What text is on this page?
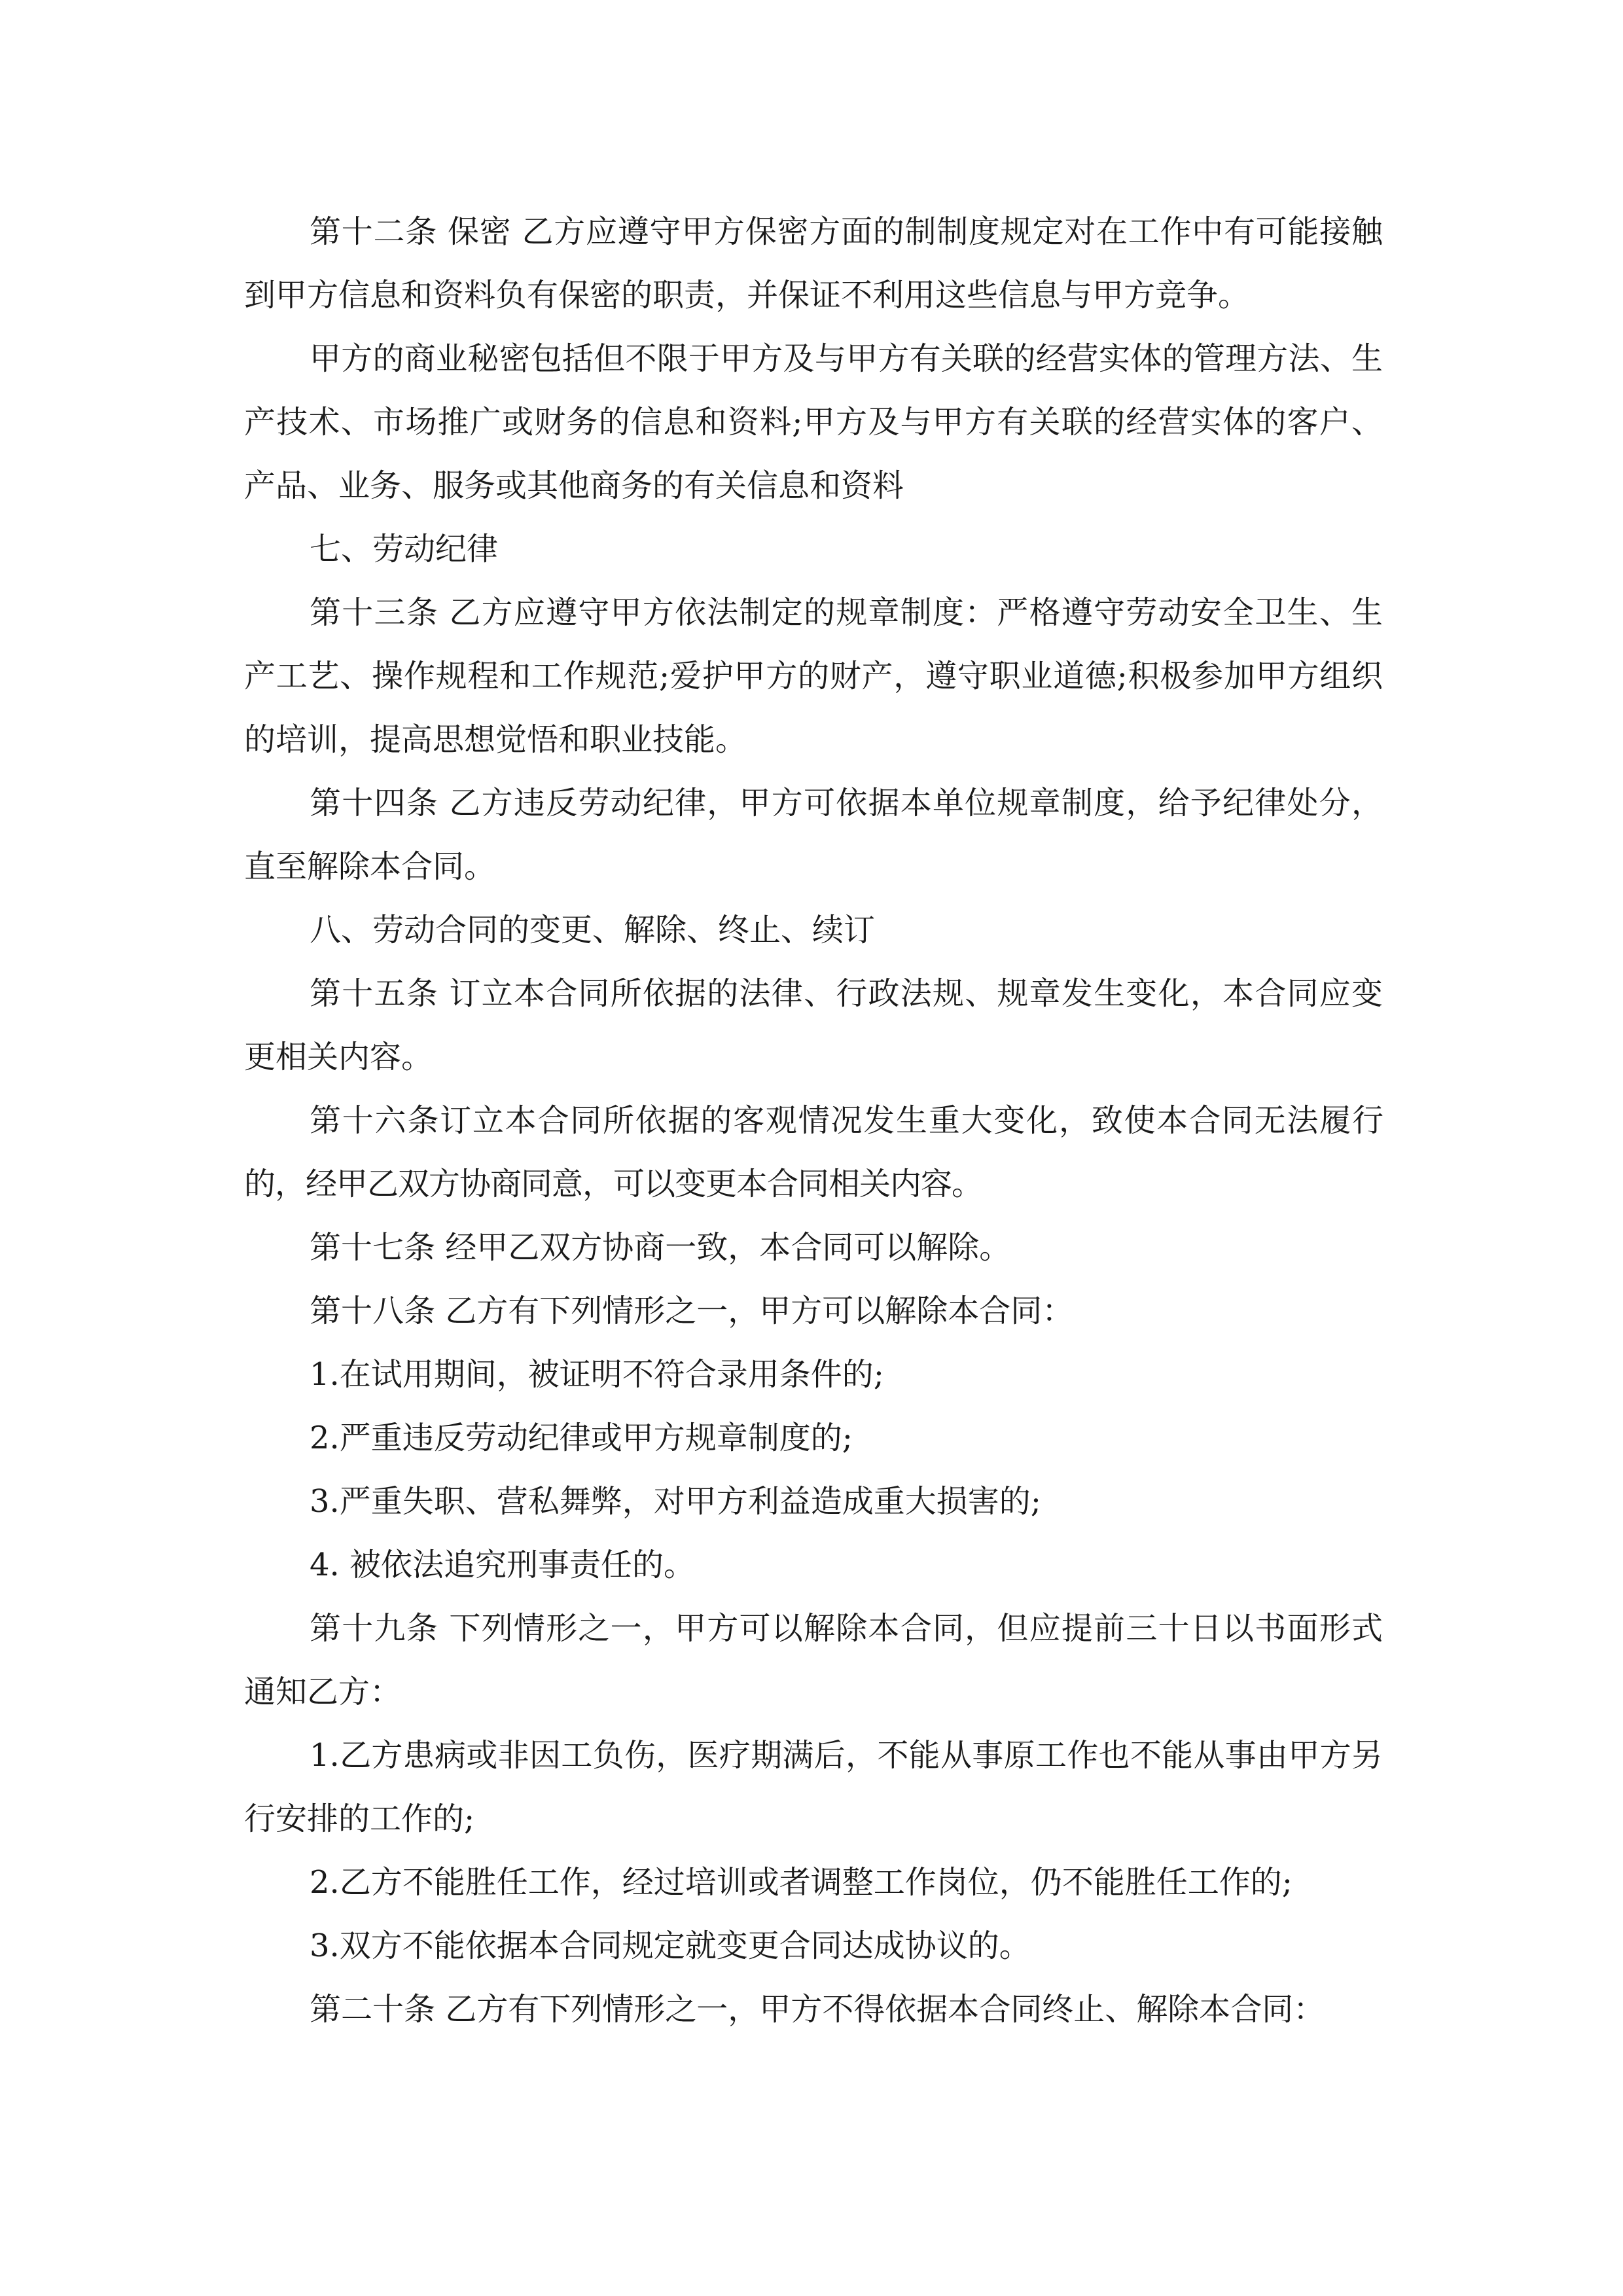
第十二条 保密 乙方应遵守甲方保密方面的制制度规定对在工作中有可能接触到甲方信息和资料负有保密的职责，并保证不利用这些信息与甲方竞争。

甲方的商业秘密包括但不限于甲方及与甲方有关联的经营实体的管理方法、生产技术、市场推广或财务的信息和资料;甲方及与甲方有关联的经营实体的客户、产品、业务、服务或其他商务的有关信息和资料

七、劳动纪律

第十三条 乙方应遵守甲方依法制定的规章制度：严格遵守劳动安全卫生、生产工艺、操作规程和工作规范;爱护甲方的财产，遵守职业道德;积极参加甲方组织的培训，提高思想觉悟和职业技能。

第十四条 乙方违反劳动纪律，甲方可依据本单位规章制度，给予纪律处分，直至解除本合同。

八、劳动合同的变更、解除、终止、续订

第十五条 订立本合同所依据的法律、行政法规、规章发生变化，本合同应变更相关内容。

第十六条订立本合同所依据的客观情况发生重大变化，致使本合同无法履行的，经甲乙双方协商同意，可以变更本合同相关内容。

第十七条 经甲乙双方协商一致，本合同可以解除。

第十八条 乙方有下列情形之一，甲方可以解除本合同：

1.在试用期间，被证明不符合录用条件的;

2.严重违反劳动纪律或甲方规章制度的;

3.严重失职、营私舞弊，对甲方利益造成重大损害的;

4. 被依法追究刑事责任的。

第十九条 下列情形之一，甲方可以解除本合同，但应提前三十日以书面形式通知乙方：

1.乙方患病或非因工负伤，医疗期满后，不能从事原工作也不能从事由甲方另行安排的工作的;

2.乙方不能胜任工作，经过培训或者调整工作岗位，仍不能胜任工作的;

3.双方不能依据本合同规定就变更合同达成协议的。

第二十条 乙方有下列情形之一，甲方不得依据本合同终止、解除本合同：
